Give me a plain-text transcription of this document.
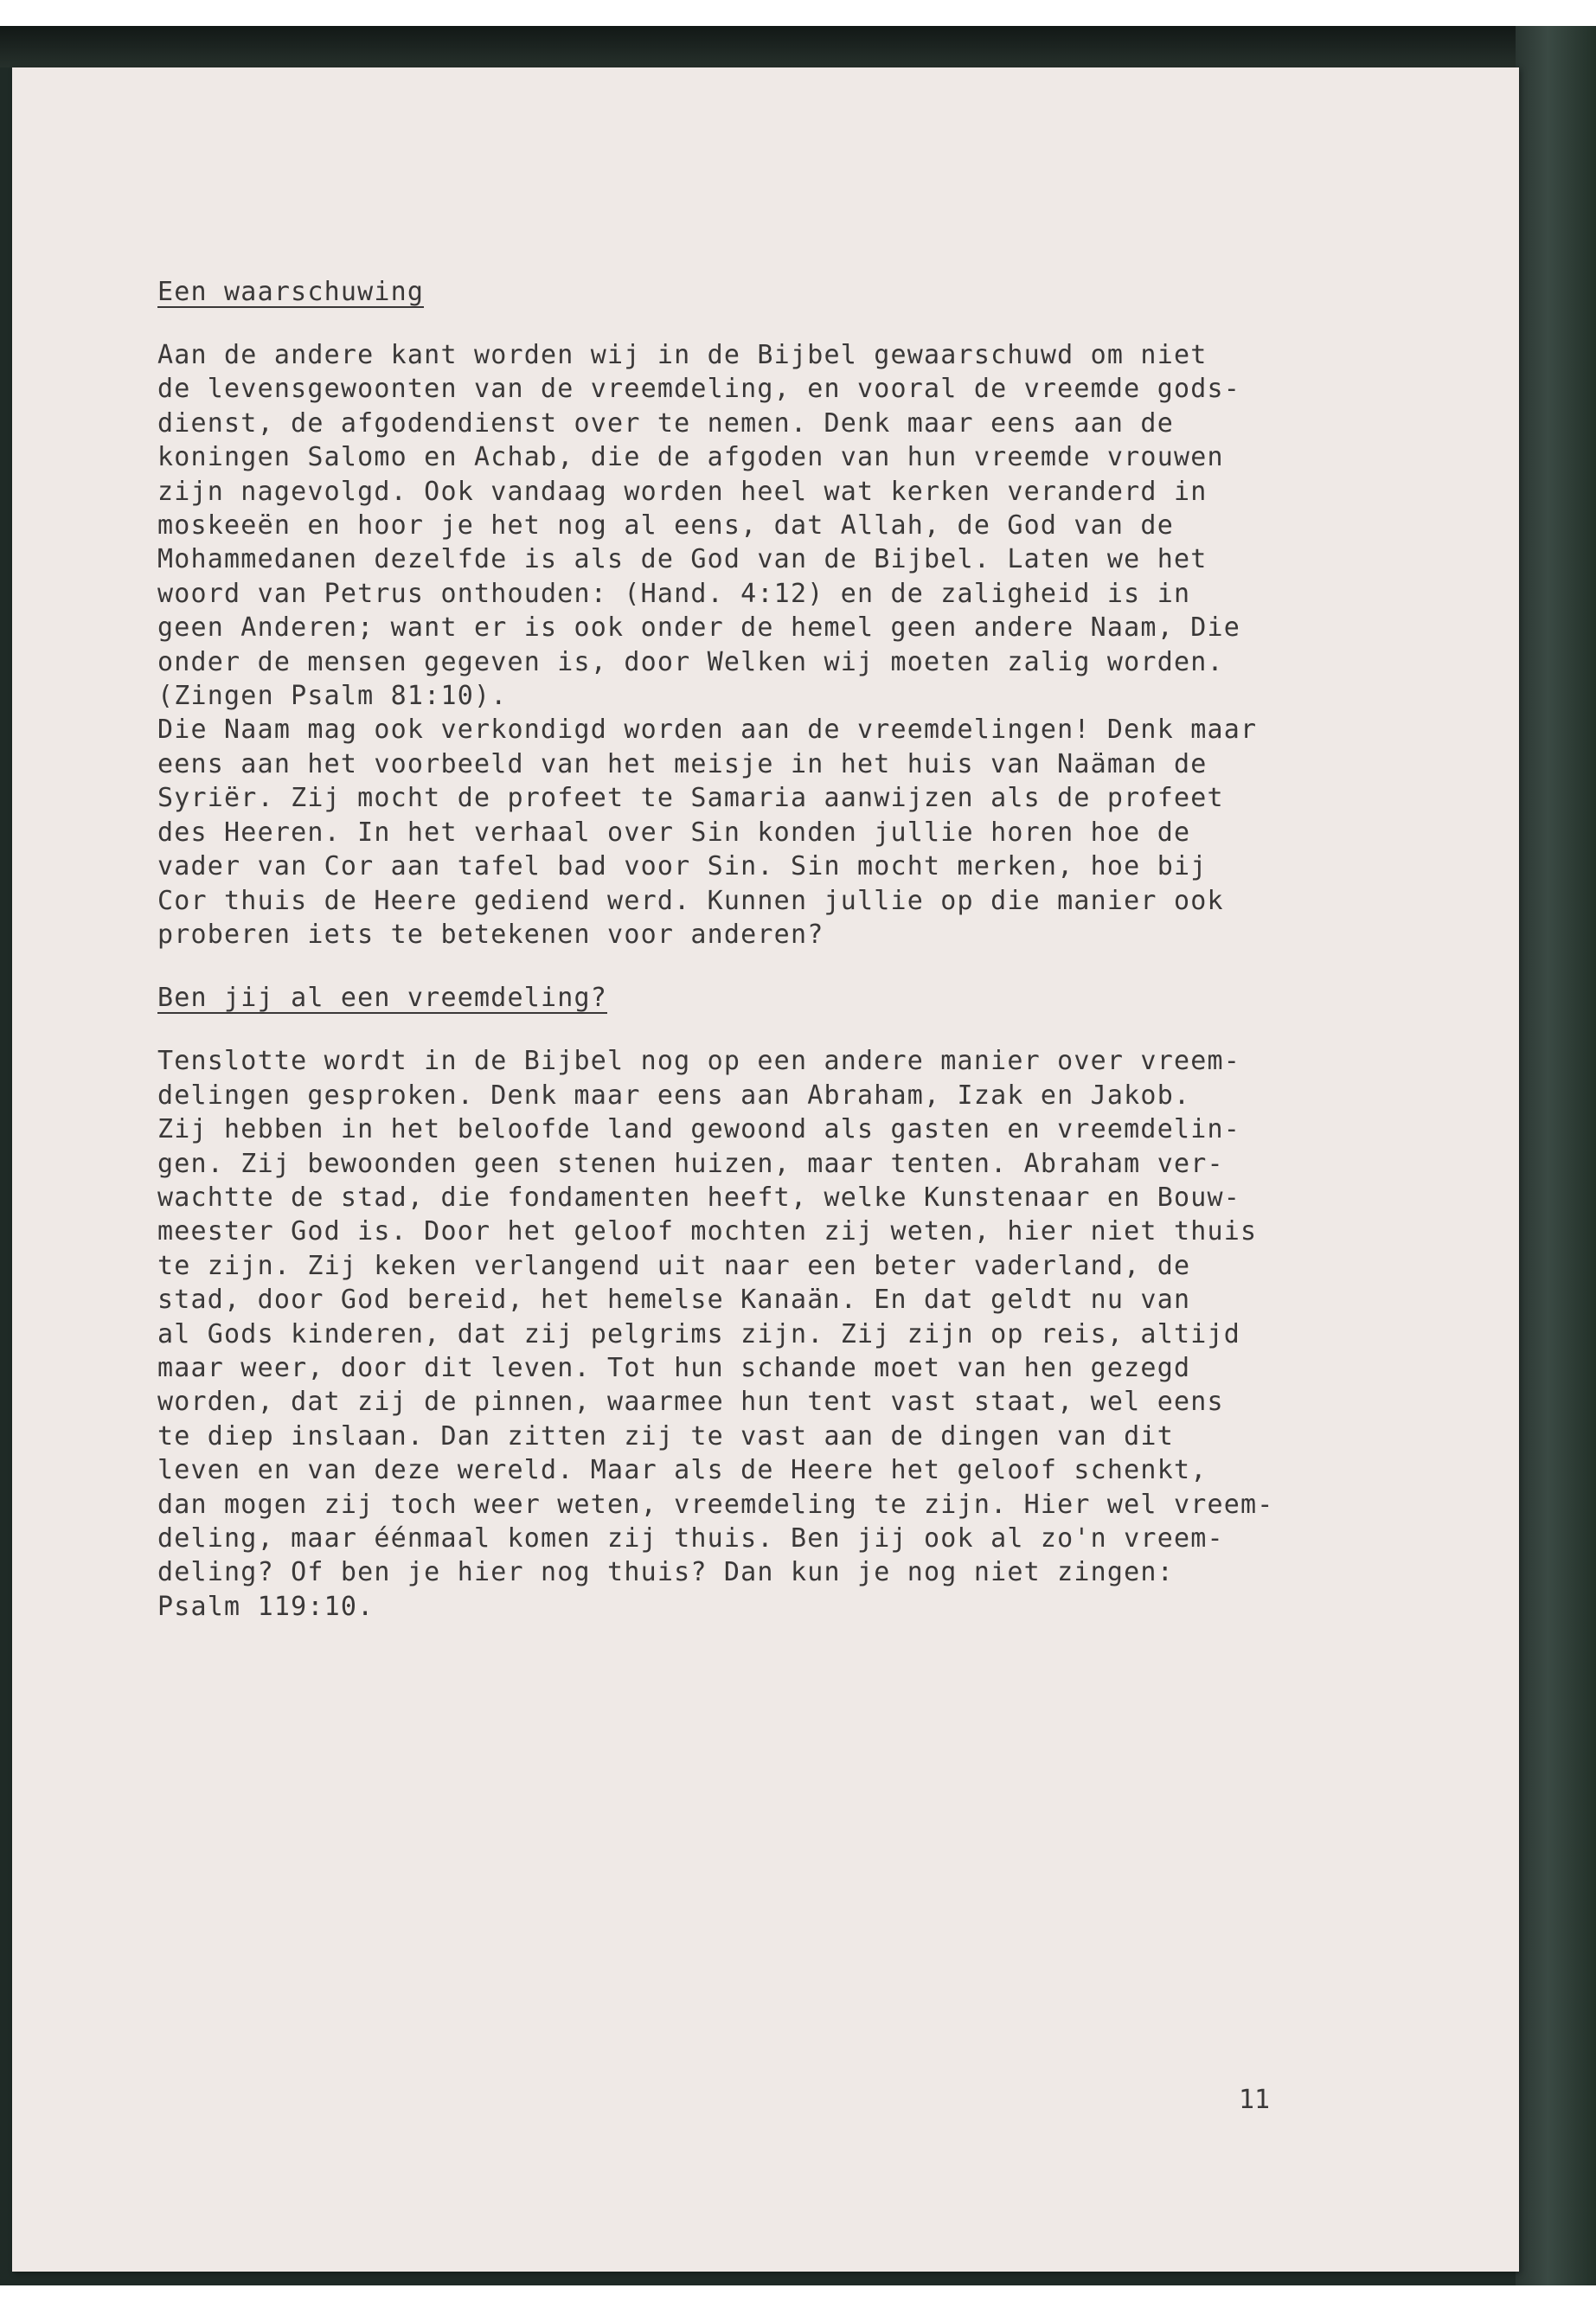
Een waarschuwing

Aan de andere kant worden wij in de Bijbel gewaarschuwd om niet
de levensgewoonten van de vreemdeling, en vooral de vreemde gods-
dienst, de afgodendienst over te nemen. Denk maar eens aan de
koningen Salomo en Achab, die de afgoden van hun vreemde vrouwen
zijn nagevolgd. Ook vandaag worden heel wat kerken veranderd in
moskeeën en hoor je het nog al eens, dat Allah, de God van de
Mohammedanen dezelfde is als de God van de Bijbel. Laten we het
woord van Petrus onthouden: (Hand. 4:12) en de zaligheid is in
geen Anderen; want er is ook onder de hemel geen andere Naam, Die
onder de mensen gegeven is, door Welken wij moeten zalig worden.
(Zingen Psalm 81:10).
Die Naam mag ook verkondigd worden aan de vreemdelingen! Denk maar
eens aan het voorbeeld van het meisje in het huis van Naäman de
Syriër. Zij mocht de profeet te Samaria aanwijzen als de profeet
des Heeren. In het verhaal over Sin konden jullie horen hoe de
vader van Cor aan tafel bad voor Sin. Sin mocht merken, hoe bij
Cor thuis de Heere gediend werd. Kunnen jullie op die manier ook
proberen iets te betekenen voor anderen?

Ben jij al een vreemdeling?

Tenslotte wordt in de Bijbel nog op een andere manier over vreem-
delingen gesproken. Denk maar eens aan Abraham, Izak en Jakob.
Zij hebben in het beloofde land gewoond als gasten en vreemdelin-
gen. Zij bewoonden geen stenen huizen, maar tenten. Abraham ver-
wachtte de stad, die fondamenten heeft, welke Kunstenaar en Bouw-
meester God is. Door het geloof mochten zij weten, hier niet thuis
te zijn. Zij keken verlangend uit naar een beter vaderland, de
stad, door God bereid, het hemelse Kanaän. En dat geldt nu van
al Gods kinderen, dat zij pelgrims zijn. Zij zijn op reis, altijd
maar weer, door dit leven. Tot hun schande moet van hen gezegd
worden, dat zij de pinnen, waarmee hun tent vast staat, wel eens
te diep inslaan. Dan zitten zij te vast aan de dingen van dit
leven en van deze wereld. Maar als de Heere het geloof schenkt,
dan mogen zij toch weer weten, vreemdeling te zijn. Hier wel vreem-
deling, maar éénmaal komen zij thuis. Ben jij ook al zo'n vreem-
deling? Of ben je hier nog thuis? Dan kun je nog niet zingen:
Psalm 119:10.

11
